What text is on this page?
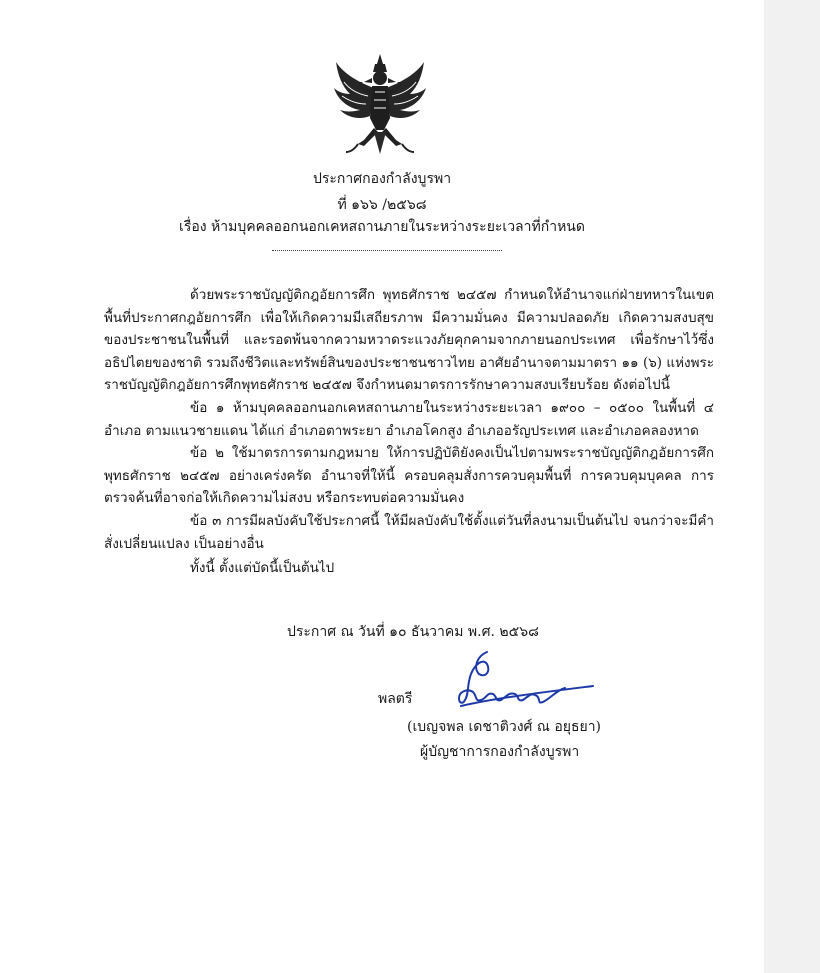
ประกาศกองกำลังบูรพา
ที่ ๑๖๖ /๒๕๖๘
เรื่อง ห้ามบุคคลออกนอกเคหสถานภายในระหว่างระยะเวลาที่กำหนด

ด้วยพระราชบัญญัติกฎอัยการศึก พุทธศักราช ๒๔๕๗ กำหนดให้อำนาจแก่ฝ่ายทหารในเขตพื้นที่ประกาศกฎอัยการศึก เพื่อให้เกิดความมีเสถียรภาพ มีความมั่นคง มีความปลอดภัย เกิดความสงบสุขของประชาชนในพื้นที่ และรอดพ้นจากความหวาดระแวงภัยคุกคามจากภายนอกประเทศ เพื่อรักษาไว้ซึ่งอธิปไตยของชาติ รวมถึงชีวิตและทรัพย์สินของประชาชนชาวไทย อาศัยอำนาจตามมาตรา ๑๑ (๖) แห่งพระราชบัญญัติกฎอัยการศึกพุทธศักราช ๒๔๕๗ จึงกำหนดมาตรการรักษาความสงบเรียบร้อย ดังต่อไปนี้

ข้อ ๑ ห้ามบุคคลออกนอกเคหสถานภายในระหว่างระยะเวลา ๑๙๐๐ – ๐๕๐๐ ในพื้นที่ ๔ อำเภอ ตามแนวชายแดน ได้แก่ อำเภอตาพระยา อำเภอโคกสูง อำเภออรัญประเทศ และอำเภอคลองหาด

ข้อ ๒ ใช้มาตรการตามกฎหมาย ให้การปฏิบัติยังคงเป็นไปตามพระราชบัญญัติกฎอัยการศึกพุทธศักราช ๒๔๕๗ อย่างเคร่งครัด อำนาจที่ให้นี้ ครอบคลุมสั่งการควบคุมพื้นที่ การควบคุมบุคคล การตรวจค้นที่อาจก่อให้เกิดความไม่สงบ หรือกระทบต่อความมั่นคง

ข้อ ๓ การมีผลบังคับใช้ประกาศนี้ ให้มีผลบังคับใช้ตั้งแต่วันที่ลงนามเป็นต้นไป จนกว่าจะมีคำสั่งเปลี่ยนแปลง เป็นอย่างอื่น

ทั้งนี้ ตั้งแต่บัดนี้เป็นต้นไป

ประกาศ ณ วันที่ ๑๐ ธันวาคม พ.ศ. ๒๕๖๘
พลตรี
(เบญจพล เดชาติวงศ์ ณ อยุธยา)
ผู้บัญชาการกองกำลังบูรพา
